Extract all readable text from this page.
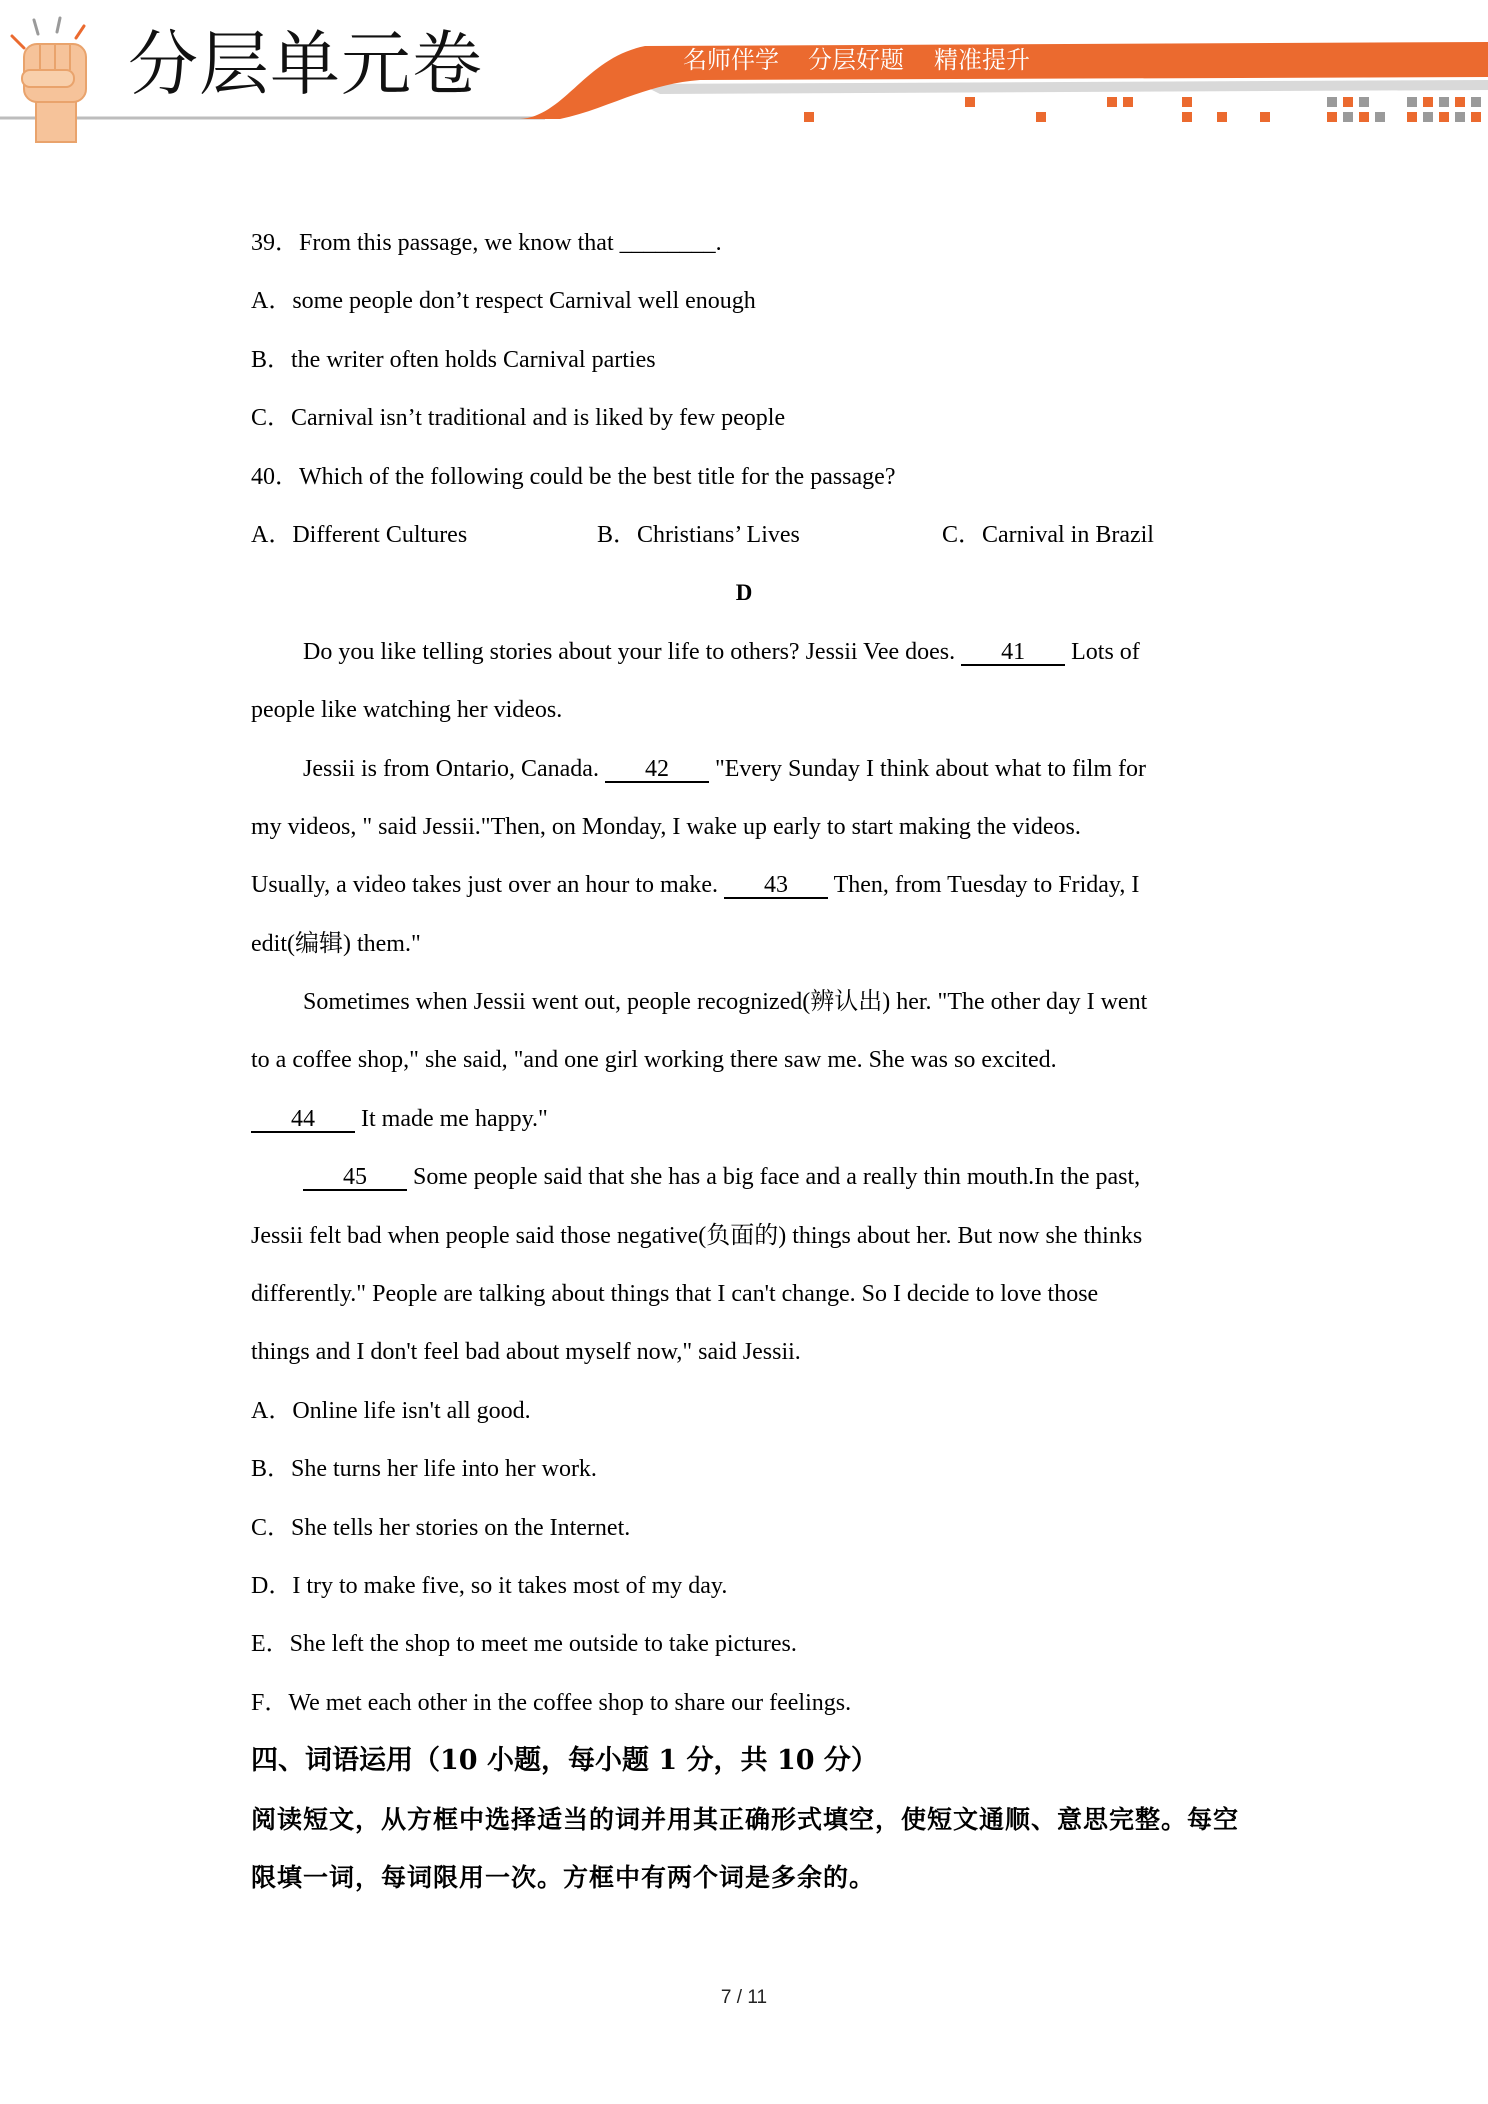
分层单元卷	名师伴学 分层好题 精准提升
39．From this passage, we know that ________.
A．some people don’t respect Carnival well enough
B．the writer often holds Carnival parties
C．Carnival isn’t traditional and is liked by few people
40．Which of the following could be the best title for the passage?
A．Different Cultures	B．Christians’ Lives	C．Carnival in Brazil
D
Do you like telling stories about your life to others? Jessii Vee does. 41 Lots of
people like watching her videos.
Jessii is from Ontario, Canada. 42 "Every Sunday I think about what to film for
my videos, " said Jessii."Then, on Monday, I wake up early to start making the videos.
Usually, a video takes just over an hour to make. 43 Then, from Tuesday to Friday, I
edit(编辑) them."
Sometimes when Jessii went out, people recognized(辨认出) her. "The other day I went
to a coffee shop," she said, "and one girl working there saw me. She was so excited.
44 It made me happy."
45 Some people said that she has a big face and a really thin mouth.In the past,
Jessii felt bad when people said those negative(负面的) things about her. But now she thinks
differently." People are talking about things that I can't change. So I decide to love those
things and I don't feel bad about myself now," said Jessii.
A．Online life isn't all good.
B．She turns her life into her work.
C．She tells her stories on the Internet.
D．I try to make five, so it takes most of my day.
E．She left the shop to meet me outside to take pictures.
F．We met each other in the coffee shop to share our feelings.
四、词语运用（10 小题，每小题 1 分，共 10 分）
阅读短文，从方框中选择适当的词并用其正确形式填空，使短文通顺、意思完整。每空
限填一词，每词限用一次。方框中有两个词是多余的。
7 / 11
